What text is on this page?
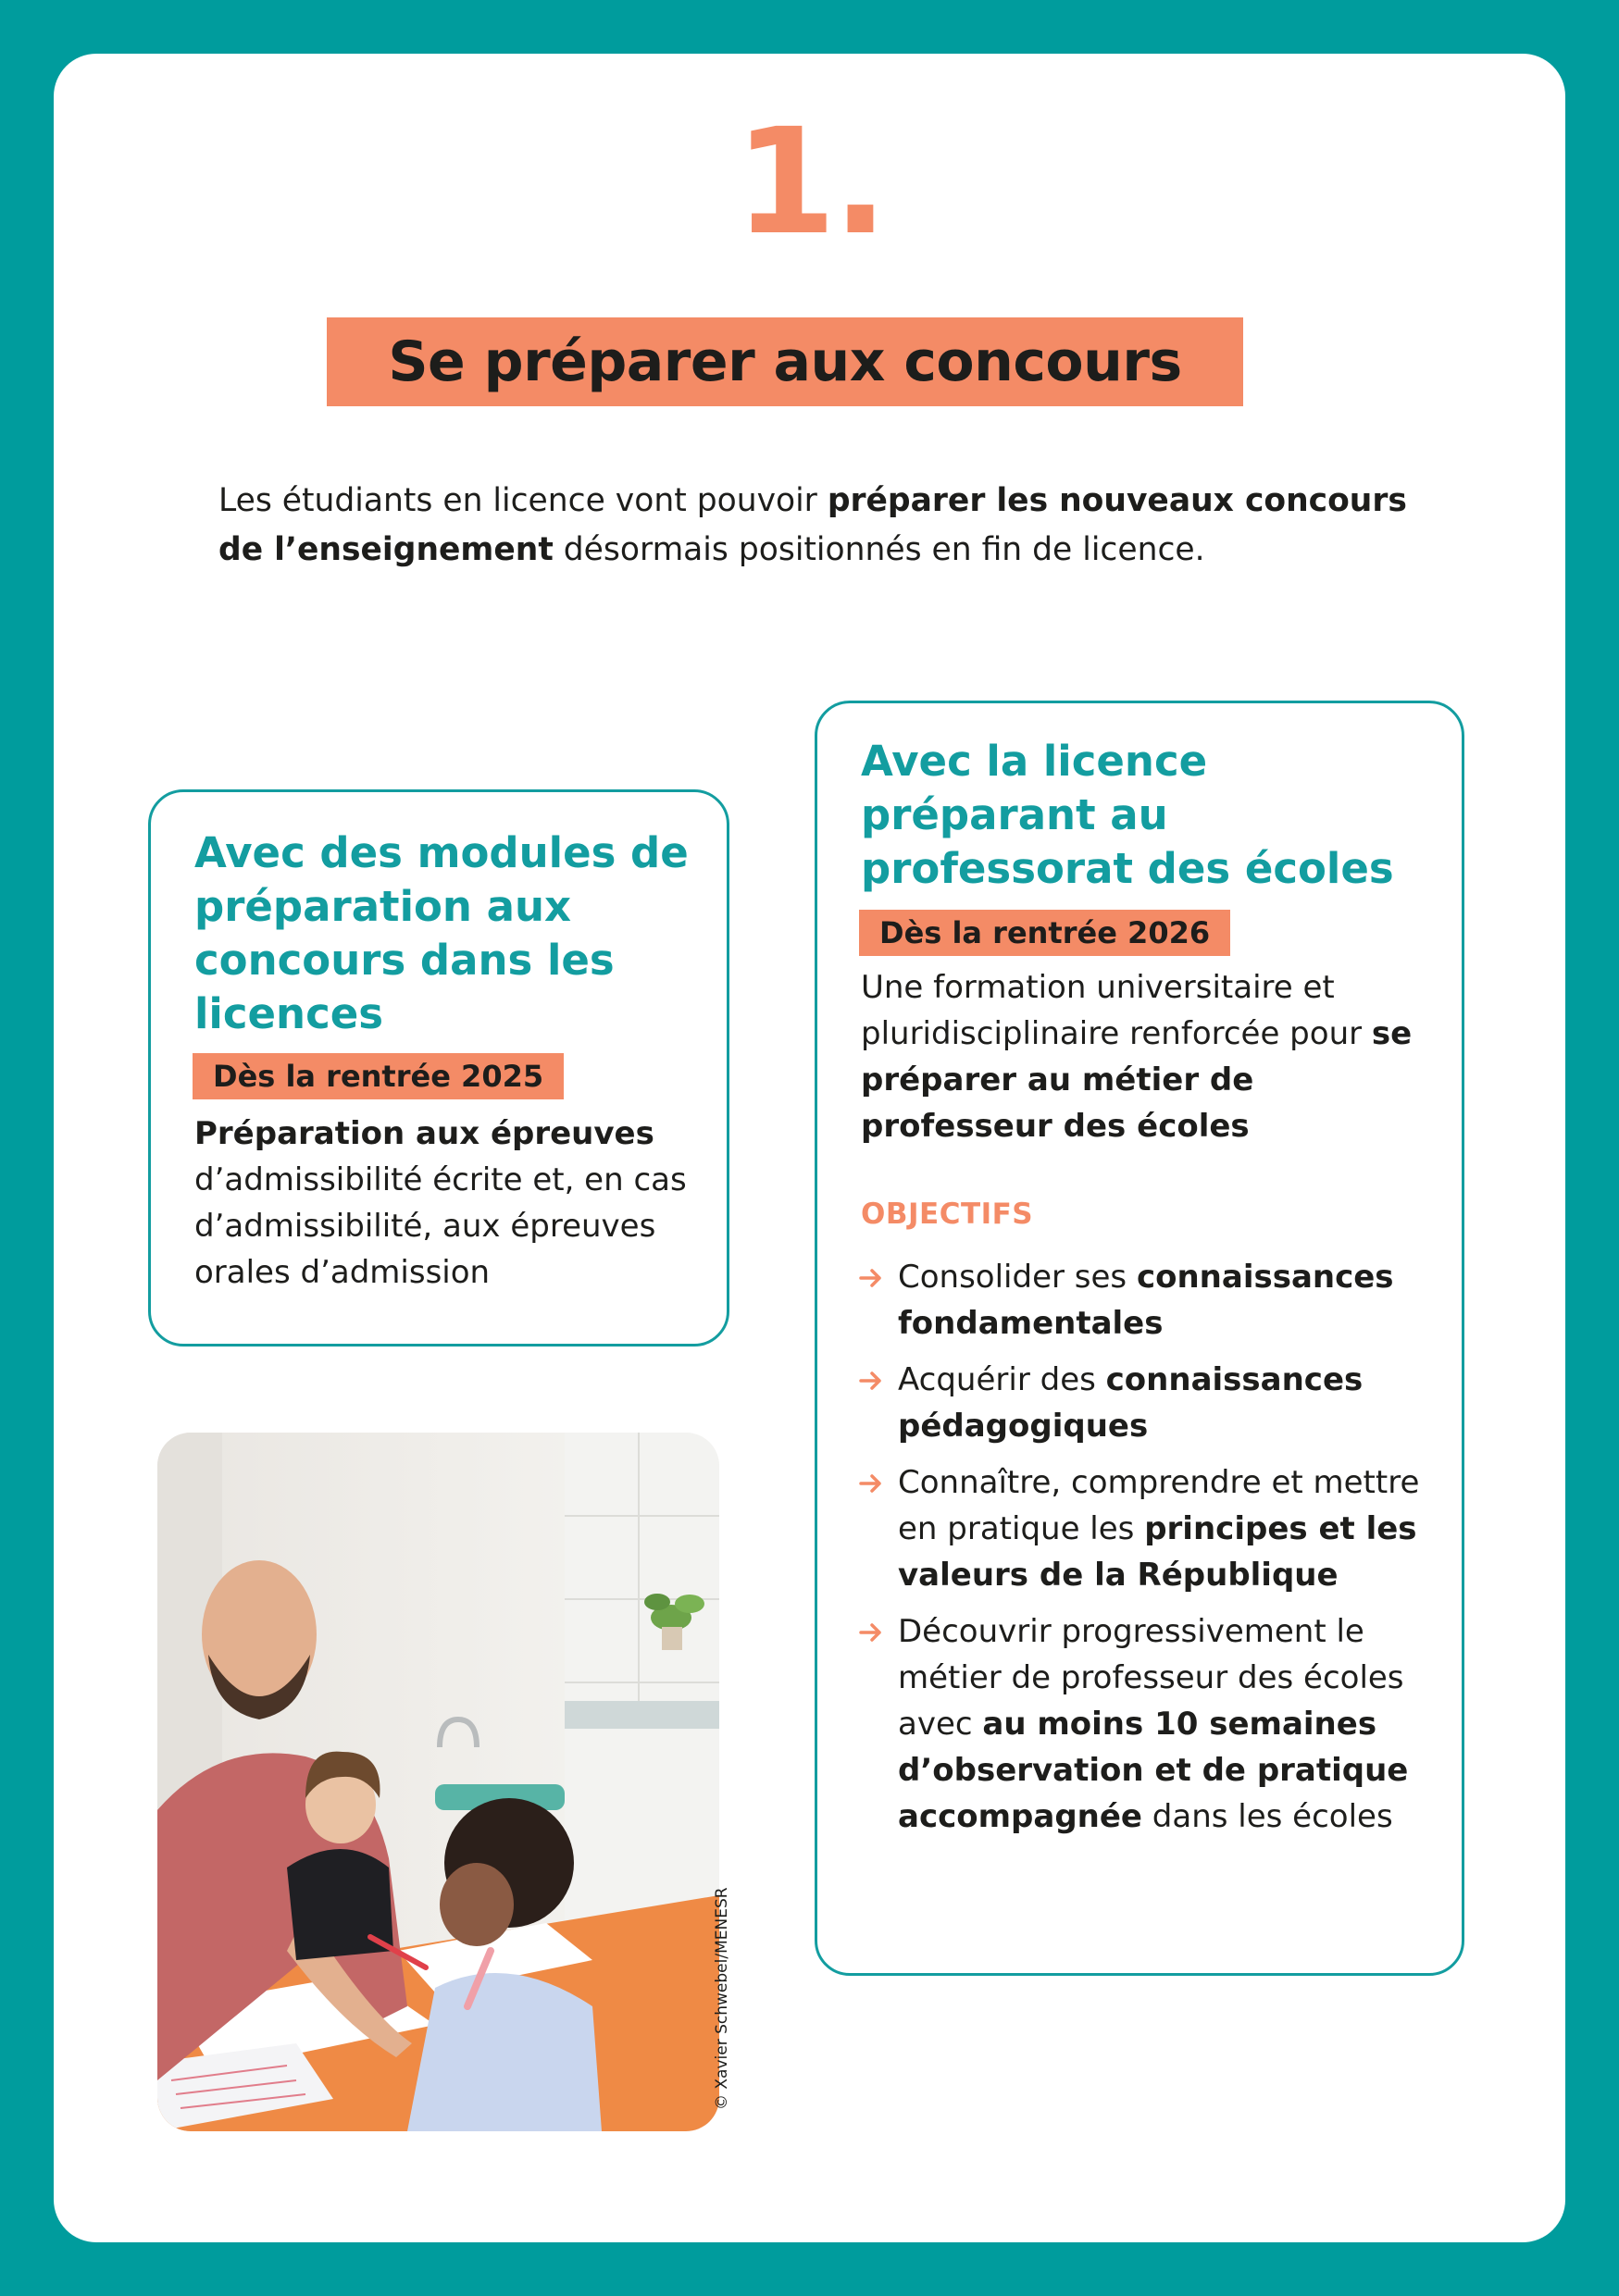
1.
Se préparer aux concours
Les étudiants en licence vont pouvoir préparer les nouveaux concours de l’enseignement désormais positionnés en fin de licence.
Avec des modules de préparation aux concours dans les licences
Dès la rentrée 2025
Préparation aux épreuves d’admissibilité écrite et, en cas d’admissibilité, aux épreuves orales d’admission
Avec la licence préparant au professorat des écoles
Dès la rentrée 2026
Une formation universitaire et pluridisciplinaire renforcée pour se préparer au métier de professeur des écoles
OBJECTIFS
Consolider ses connaissances fondamentales
Acquérir des connaissances pédagogiques
Connaître, comprendre et mettre en pratique les principes et les valeurs de la République
Découvrir progressivement le métier de professeur des écoles avec au moins 10 semaines d’observation et de pratique accompagnée dans les écoles
© Xavier Schwebel/MENESR
